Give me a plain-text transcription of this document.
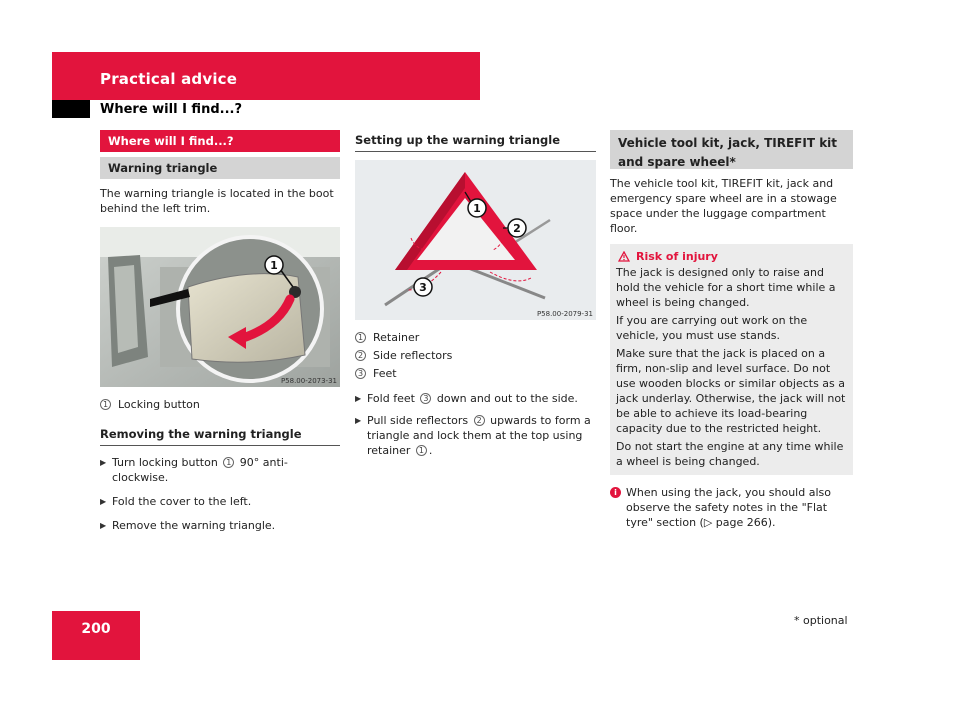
Practical advice
Where will I find...?
Where will I find...?
Warning triangle
The warning triangle is located in the boot behind the left trim.
1
P58.00-2073-31
1 Locking button
Removing the warning triangle
▶ Turn locking button 1 90° anti-clockwise.
▶ Fold the cover to the left.
▶ Remove the warning triangle.
Setting up the warning triangle
1
2
3
P58.00-2079-31
1 Retainer
2 Side reflectors
3 Feet
▶ Fold feet 3 down and out to the side.
▶ Pull side reflectors 2 upwards to form a triangle and lock them at the top using retainer 1 .
Vehicle tool kit, jack, TIREFIT kit and spare wheel*
The vehicle tool kit, TIREFIT kit, jack and emergency spare wheel are in a stowage space under the luggage compartment floor.
Risk of injury
The jack is designed only to raise and hold the vehicle for a short time while a wheel is being changed.
If you are carrying out work on the vehicle, you must use stands.
Make sure that the jack is placed on a firm, non-slip and level surface. Do not use wooden blocks or similar objects as a jack underlay. Otherwise, the jack will not be able to achieve its load-bearing capacity due to the restricted height.
Do not start the engine at any time while a wheel is being changed.
i When using the jack, you should also observe the safety notes in the "Flat tyre" section (▷ page 266).
200
* optional
